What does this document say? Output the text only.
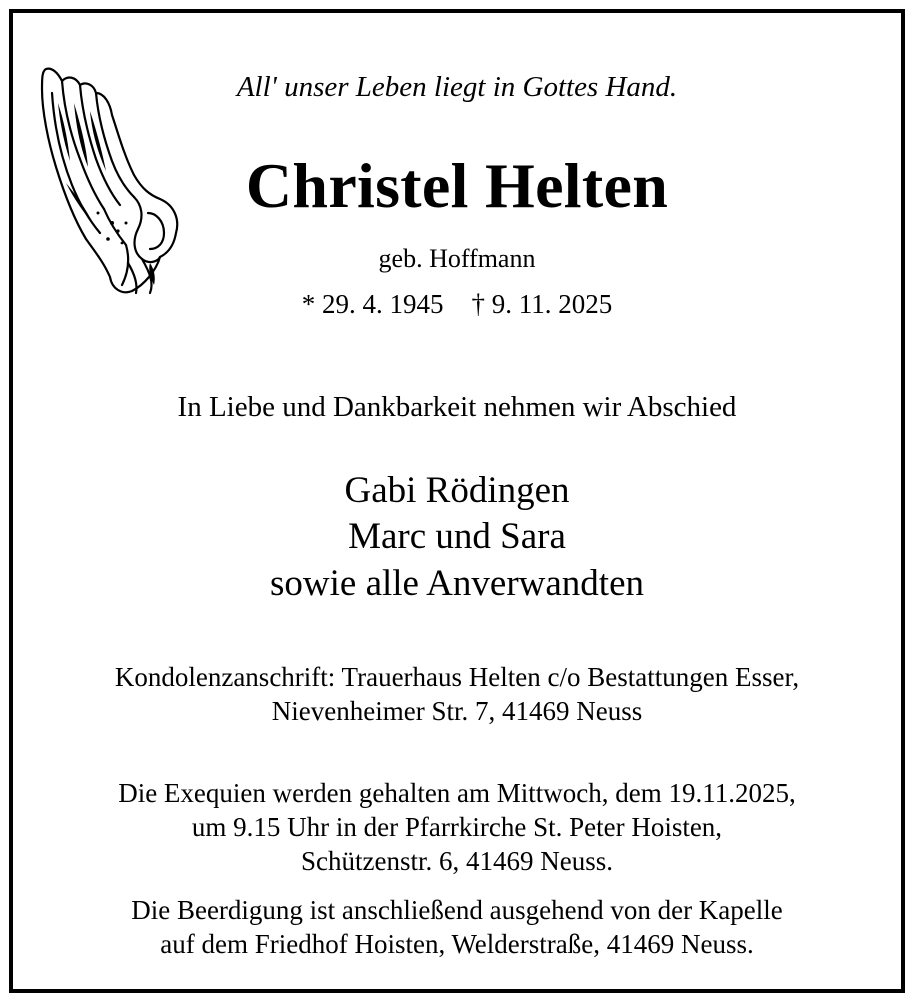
All' unser Leben liegt in Gottes Hand.
Christel Helten
geb. Hoffmann
* 29. 4. 1945 † 9. 11. 2025
In Liebe und Dankbarkeit nehmen wir Abschied
Gabi Rödingen
Marc und Sara
sowie alle Anverwandten
Kondolenzanschrift: Trauerhaus Helten c/o Bestattungen Esser,
Nievenheimer Str. 7, 41469 Neuss
Die Exequien werden gehalten am Mittwoch, dem 19.11.2025,
um 9.15 Uhr in der Pfarrkirche St. Peter Hoisten,
Schützenstr. 6, 41469 Neuss.
Die Beerdigung ist anschließend ausgehend von der Kapelle
auf dem Friedhof Hoisten, Welderstraße, 41469 Neuss.
